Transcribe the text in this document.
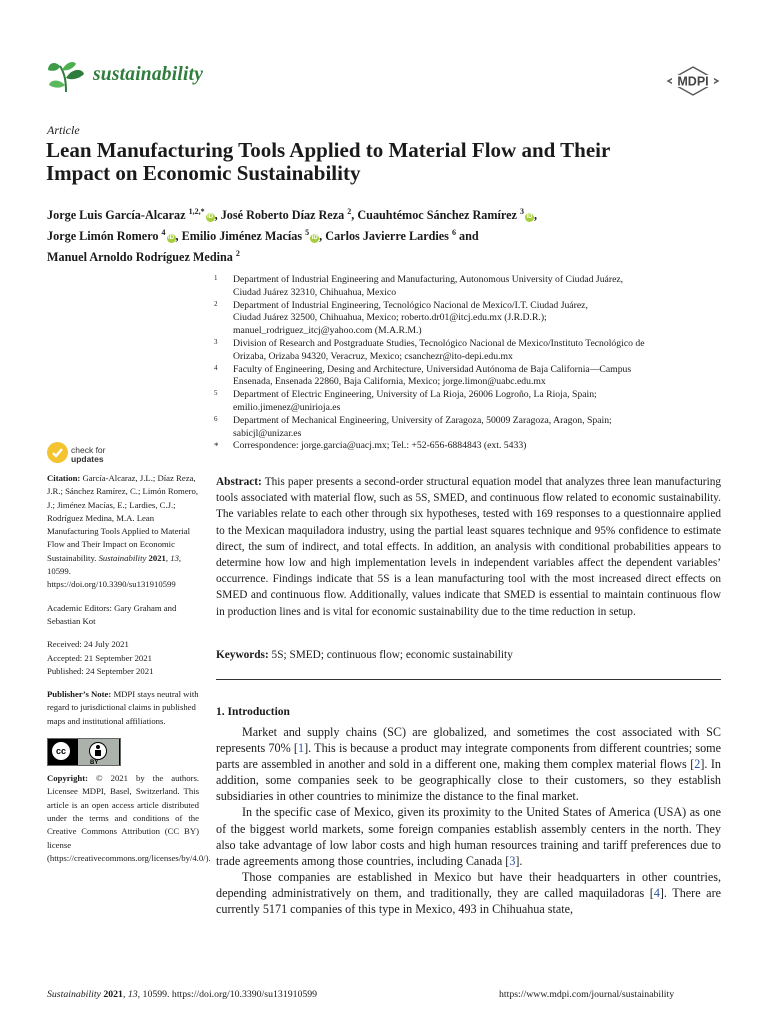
sustainability	MDPI
Article
Lean Manufacturing Tools Applied to Material Flow and Their
Impact on Economic Sustainability
Jorge Luis García-Alcaraz $^{1,2,*}$iD , José Roberto Díaz Reza $^2$, Cuauhtémoc Sánchez Ramírez $^3$iD ,
Jorge Limón Romero $^4$iD , Emilio Jiménez Macías $^5$iD , Carlos Javierre Lardies $^6$ and
Manuel Arnoldo Rodríguez Medina $^2$
1 Department of Industrial Engineering and Manufacturing, Autonomous University of Ciudad Juárez,
Ciudad Juárez 32310, Chihuahua, Mexico
2 Department of Industrial Engineering, Tecnológico Nacional de Mexico/I.T. Ciudad Juárez,
Ciudad Juárez 32500, Chihuahua, Mexico; roberto.dr01@itcj.edu.mx (J.R.D.R.);
manuel_rodriguez_itcj@yahoo.com (M.A.R.M.)
3 Division of Research and Postgraduate Studies, Tecnológico Nacional de Mexico/Instituto Tecnológico de
Orizaba, Orizaba 94320, Veracruz, Mexico; csanchezr@ito-depi.edu.mx
4 Faculty of Engineering, Desing and Architecture, Universidad Autónoma de Baja California—Campus
Ensenada, Ensenada 22860, Baja California, Mexico; jorge.limon@uabc.edu.mx
5 Department of Electric Engineering, University of La Rioja, 26006 Logroño, La Rioja, Spain;
emilio.jimenez@unirioja.es
6 Department of Mechanical Engineering, University of Zaragoza, 50009 Zaragoza, Aragon, Spain;
sabicjl@unizar.es
* Correspondence: jorge.garcia@uacj.mx; Tel.: +52-656-6884843 (ext. 5433)
check for
updates
Citation: García-Alcaraz, J.L.; Díaz Reza, J.R.; Sánchez Ramírez, C.; Limón Romero, J.; Jiménez Macías, E.; Lardies, C.J.; Rodríguez Medina, M.A. Lean Manufacturing Tools Applied to Material Flow and Their Impact on Economic Sustainability. Sustainability 2021, 13, 10599. https://doi.org/10.3390/su131910599
Academic Editors: Gary Graham and Sebastian Kot
Received: 24 July 2021
Accepted: 21 September 2021
Published: 24 September 2021
Publisher’s Note: MDPI stays neutral with regard to jurisdictional claims in published maps and institutional affiliations.
cc
BY
Copyright: © 2021 by the authors. Licensee MDPI, Basel, Switzerland. This article is an open access article distributed under the terms and conditions of the Creative Commons Attribution (CC BY) license (https://creativecommons.org/licenses/by/4.0/).
Abstract: This paper presents a second-order structural equation model that analyzes three lean manufacturing tools associated with material flow, such as 5S, SMED, and continuous flow related to economic sustainability. The variables relate to each other through six hypotheses, tested with 169 responses to a questionnaire applied to the Mexican maquiladora industry, using the partial least squares technique and 95% confidence to estimate direct, the sum of indirect, and total effects. In addition, an analysis with conditional probabilities appears to determine how low and high implementation levels in independent variables affect the dependent variables’ occurrence. Findings indicate that 5S is a lean manufacturing tool with the most increased direct effects on SMED and continuous flow. Additionally, values indicate that SMED is essential to maintain continuous flow in production lines and is vital for economic sustainability due to the time reduction in setup.
Keywords: 5S; SMED; continuous flow; economic sustainability
1. Introduction

Market and supply chains (SC) are globalized, and sometimes the cost associated with SC represents 70% [1]. This is because a product may integrate components from different countries; some parts are assembled in another and sold in a different one, making them complex material flows [2]. In addition, some companies seek to be geographically close to their customers, so they establish subsidiaries in other countries to minimize the distance to the final market.

In the specific case of Mexico, given its proximity to the United States of America (USA) as one of the biggest world markets, some foreign companies establish assembly centers in the north. They also take advantage of low labor costs and high human resources training and tariff preferences due to trade agreements among those countries, including Canada [3].

Those companies are established in Mexico but have their headquarters in other countries, depending administratively on them, and traditionally, they are called maquiladoras [4]. There are currently 5171 companies of this type in Mexico, 493 in Chihuahua state,

Sustainability 2021, 13, 10599. https://doi.org/10.3390/su131910599	https://www.mdpi.com/journal/sustainability
